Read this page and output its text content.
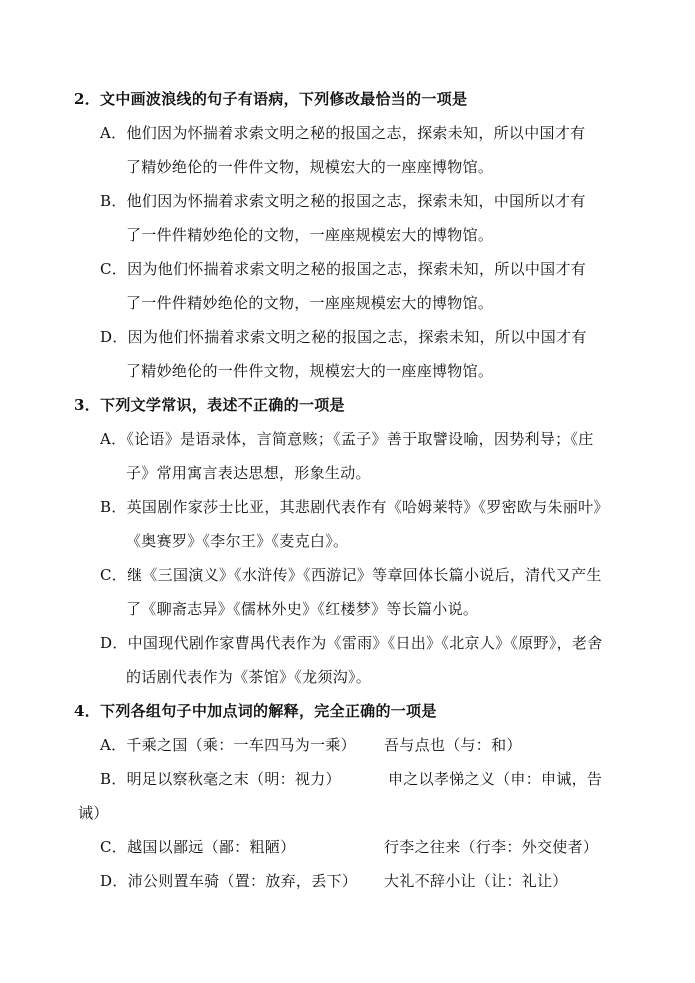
2．文中画波浪线的句子有语病，下列修改最恰当的一项是
A．他们因为怀揣着求索文明之秘的报国之志，探索未知，所以中国才有
了精妙绝伦的一件件文物，规模宏大的一座座博物馆。
B．他们因为怀揣着求索文明之秘的报国之志，探索未知，中国所以才有
了一件件精妙绝伦的文物，一座座规模宏大的博物馆。
C．因为他们怀揣着求索文明之秘的报国之志，探索未知，所以中国才有
了一件件精妙绝伦的文物，一座座规模宏大的博物馆。
D．因为他们怀揣着求索文明之秘的报国之志，探索未知，所以中国才有
了精妙绝伦的一件件文物，规模宏大的一座座博物馆。
3．下列文学常识，表述不正确的一项是
A．《论语》是语录体，言简意赅；《孟子》善于取譬设喻，因势利导；《庄
子》常用寓言表达思想，形象生动。
B．英国剧作家莎士比亚，其悲剧代表作有《哈姆莱特》《罗密欧与朱丽叶》
《奥赛罗》《李尔王》《麦克白》。
C．继《三国演义》《水浒传》《西游记》等章回体长篇小说后，清代又产生
了《聊斋志异》《儒林外史》《红楼梦》等长篇小说。
D．中国现代剧作家曹禺代表作为《雷雨》《日出》《北京人》《原野》，老舍
的话剧代表作为《茶馆》《龙须沟》。
4．下列各组句子中加点词的解释，完全正确的一项是
A．千乘之国（乘：一车四马为一乘） 吾与点也（与：和）
B．明足以察秋毫之末（明：视力）	申之以孝悌之义（申：申诫，告
诫）
C．越国以鄙远（鄙：粗陋）	行李之往来（行李：外交使者）
D．沛公则置车骑（置：放弃，丢下） 大礼不辞小让（让：礼让）
